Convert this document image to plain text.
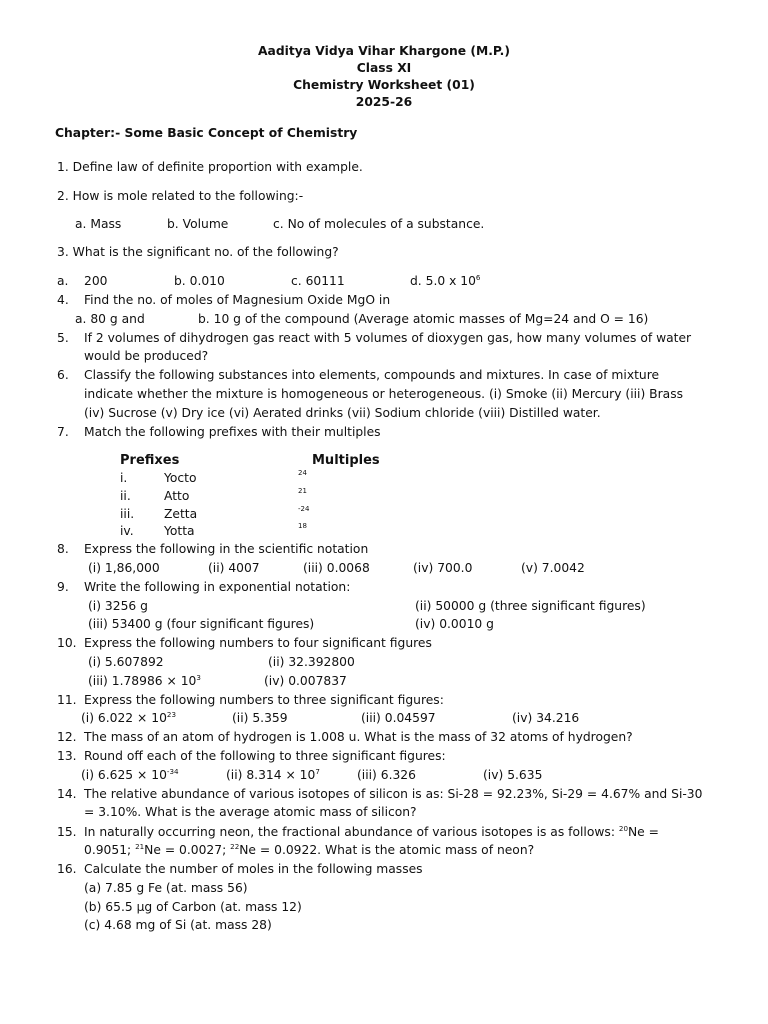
Aaditya Vidya Vihar Khargone (M.P.)
Class XI
Chemistry Worksheet (01)
2025-26
Chapter:- Some Basic Concept of Chemistry
1. Define law of definite proportion with example.
2. How is mole related to the following:-
a. Mass	b. Volume	c. No of molecules of a substance.
3. What is the significant no. of the following?
a. 200	b. 0.010	c. 60111	d. 5.0 x $10^6$
4. Find the no. of moles of Magnesium Oxide MgO in
a. 80 g and	b. 10 g of the compound (Average atomic masses of Mg=24 and O = 16)
5. If 2 volumes of dihydrogen gas react with 5 volumes of dioxygen gas, how many volumes of water
would be produced?
6. Classify the following substances into elements, compounds and mixtures. In case of mixture
indicate whether the mixture is homogeneous or heterogeneous. (i) Smoke (ii) Mercury (iii) Brass
(iv) Sucrose (v) Dry ice (vi) Aerated drinks (vii) Sodium chloride (viii) Distilled water.
7. Match the following prefixes with their multiples
Prefixes	Multiples
i.	Yocto	24
ii.	Atto	21
iii. Zetta	-24
iv. Yotta	18
8. Express the following in the scientific notation
(i) 1,86,000	(ii) 4007	(iii) 0.0068	(iv) 700.0	(v) 7.0042
9. Write the following in exponential notation:
(i) 3256 g	(ii) 50000 g (three significant figures)
(iii) 53400 g (four significant figures)	(iv) 0.0010 g
10. Express the following numbers to four significant figures
(i) 5.607892	(ii) 32.392800
(iii) $1.78986 \times 10^3$	(iv) 0.007837
11. Express the following numbers to three significant figures:
(i) $6.022 \times 10^{23}$	(ii) 5.359	(iii) 0.04597	(iv) 34.216
12. The mass of an atom of hydrogen is 1.008 u. What is the mass of 32 atoms of hydrogen?
13. Round off each of the following to three significant figures:
(i) $6.625 \times 10^{-34}$	(ii) $8.314 \times 10^7$	(iii) 6.326	(iv) 5.635
14. The relative abundance of various isotopes of silicon is as: Si-28 = 92.23%, Si-29 = 4.67% and Si-30
= 3.10%. What is the average atomic mass of silicon?
15. In naturally occurring neon, the fractional abundance of various isotopes is as follows: $^{20}$Ne =
0.9051; $^{21}$Ne = 0.0027; $^{22}$Ne = 0.0922. What is the atomic mass of neon?
16. Calculate the number of moles in the following masses
(a) 7.85 g Fe (at. mass 56)
(b) 65.5 µg of Carbon (at. mass 12)
(c) 4.68 mg of Si (at. mass 28)
